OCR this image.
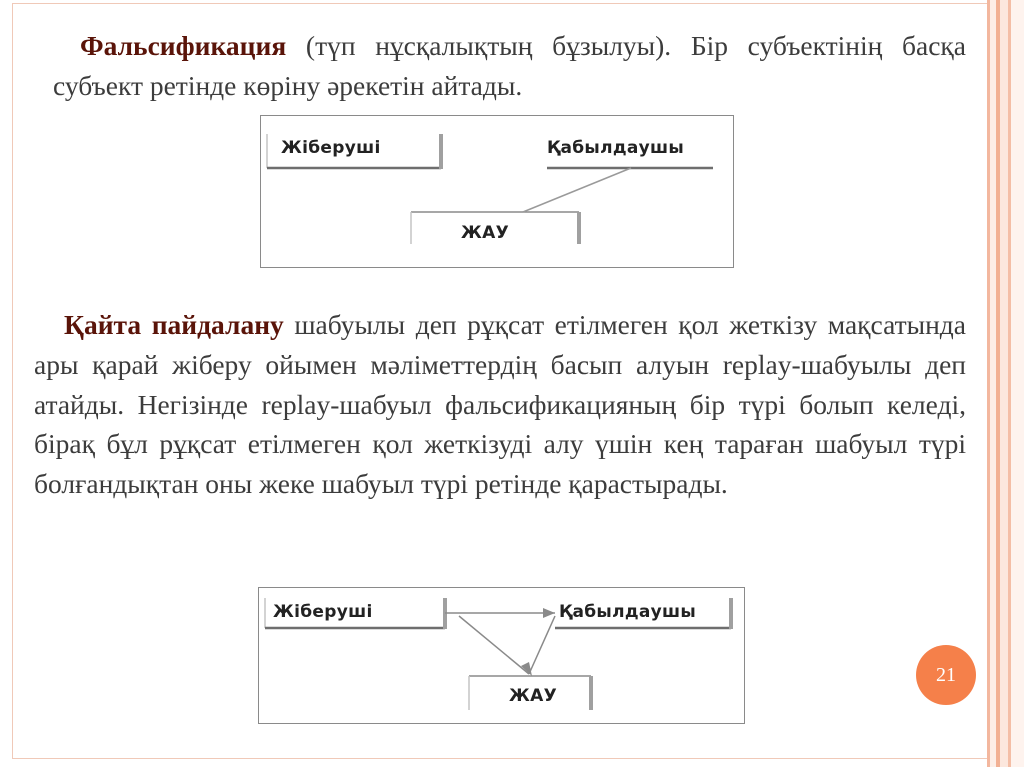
Фальсификация (түп нұсқалықтың бұзылуы). Бір субъектінің басқа субъект ретінде көріну әрекетін айтады.

Жіберуші	Қабылдаушы
ЖАУ

Қайта пайдалану шабуылы деп рұқсат етілмеген қол жеткізу мақсатында ары қарай жіберу ойымен мәліметтердің басып алуын replay-шабуылы деп атайды. Негізінде replay-шабуыл фальсификацияның бір түрі болып келеді, бірақ бұл рұқсат етілмеген қол жеткізуді алу үшін кең тараған шабуыл түрі болғандықтан оны жеке шабуыл түрі ретінде қарастырады.

Жіберуші	Қабылдаушы
ЖАУ
21
